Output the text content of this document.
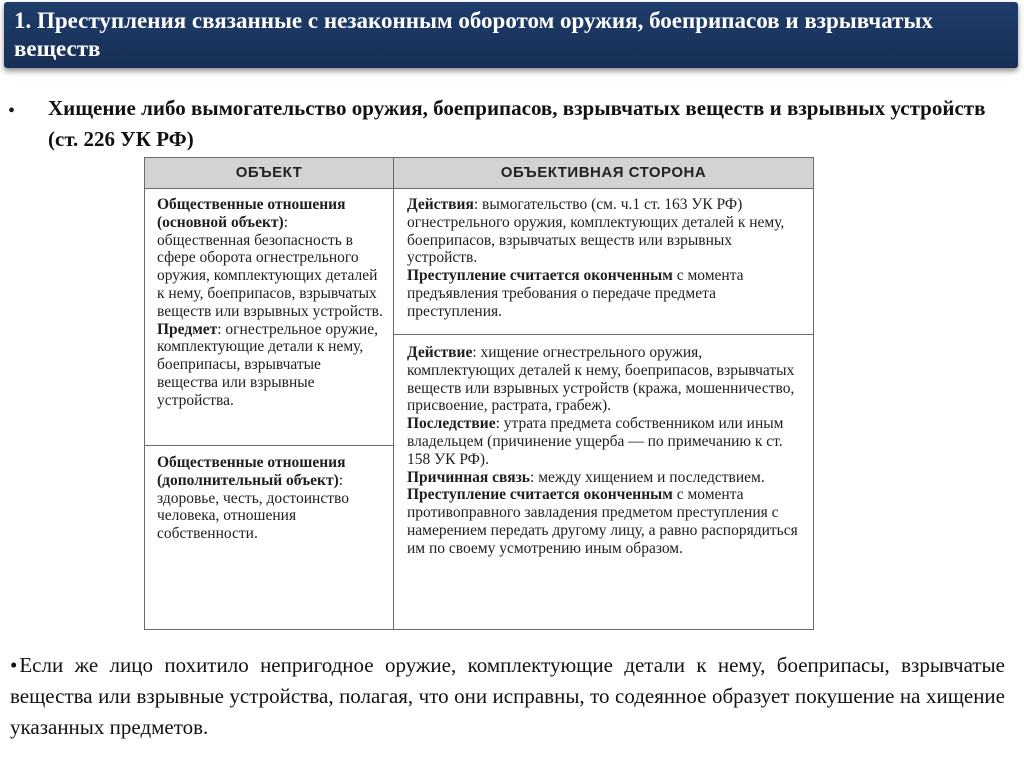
1. Преступления связанные с незаконным оборотом оружия, боеприпасов и взрывчатых веществ
• Хищение либо вымогательство оружия, боеприпасов, взрывчатых веществ и взрывных устройств (ст. 226 УК РФ)
ОБЪЕКТ	ОБЪЕКТИВНАЯ СТОРОНА

Общественные отношения (основной объект): общественная безопасность в сфере оборота огнестрельного оружия, комплектующих деталей к нему, боеприпасов, взрывчатых веществ или взрывных устройств.

Предмет: огнестрельное оружие, комплектующие детали к нему, боеприпасы, взрывчатые вещества или взрывные устройства.

Общественные отношения (дополнительный объект): здоровье, честь, достоинство человека, отношения собственности.

Действия: вымогательство (см. ч.1 ст. 163 УК РФ) огнестрельного оружия, комплектующих деталей к нему, боеприпасов, взрывчатых веществ или взрывных устройств.

Преступление считается оконченным с момента предъявления требования о передаче предмета преступления.

Действие: хищение огнестрельного оружия, комплектующих деталей к нему, боеприпасов, взрывчатых веществ или взрывных устройств (кража, мошенничество, присвоение, растрата, грабеж).

Последствие: утрата предмета собственником или иным владельцем (причинение ущерба — по примечанию к ст. 158 УК РФ).

Причинная связь: между хищением и последствием.

Преступление считается оконченным с момента противоправного завладения предметом преступления с намерением передать другому лицу, а равно распорядиться им по своему усмотрению иным образом.

•Если же лицо похитило непригодное оружие, комплектующие детали к нему, боеприпасы, взрывчатые вещества или взрывные устройства, полагая, что они исправны, то содеянное образует покушение на хищение указанных предметов.
